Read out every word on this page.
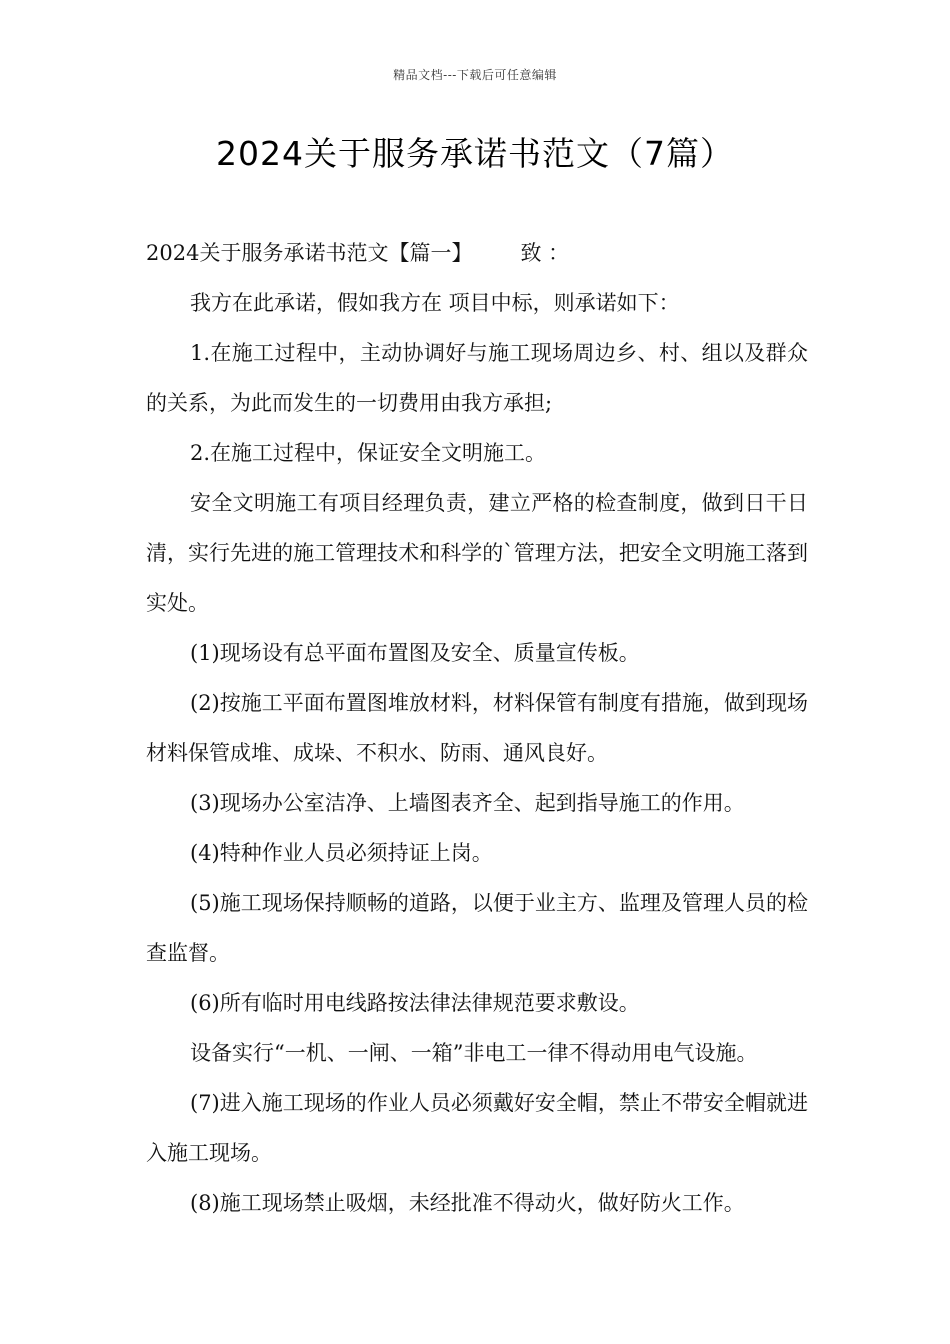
精品文档---下载后可任意编辑
2024关于服务承诺书范文（7篇）

2024关于服务承诺书范文【篇一】 致 ：

我方在此承诺，假如我方在 项目中标，则承诺如下：

1.在施工过程中，主动协调好与施工现场周边乡、村、组以及群众的关系，为此而发生的一切费用由我方承担;

2.在施工过程中，保证安全文明施工。

安全文明施工有项目经理负责，建立严格的检查制度，做到日干日清，实行先进的施工管理技术和科学的`管理方法，把安全文明施工落到实处。

(1)现场设有总平面布置图及安全、质量宣传板。

(2)按施工平面布置图堆放材料，材料保管有制度有措施，做到现场材料保管成堆、成垛、不积水、防雨、通风良好。

(3)现场办公室洁净、上墙图表齐全、起到指导施工的作用。

(4)特种作业人员必须持证上岗。

(5)施工现场保持顺畅的道路，以便于业主方、监理及管理人员的检查监督。

(6)所有临时用电线路按法律法律规范要求敷设。

设备实行“一机、一闸、一箱”非电工一律不得动用电气设施。

(7)进入施工现场的作业人员必须戴好安全帽，禁止不带安全帽就进入施工现场。

(8)施工现场禁止吸烟，未经批准不得动火，做好防火工作。
